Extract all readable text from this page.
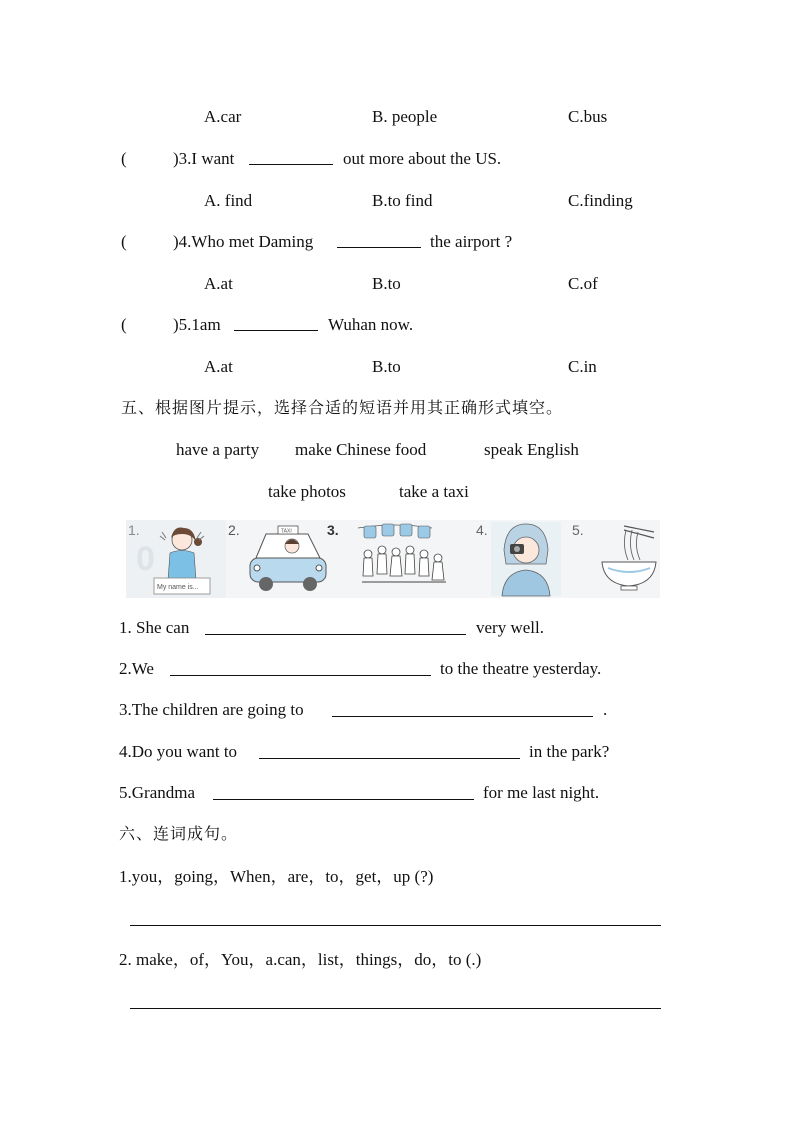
A.car	B. people	C.bus
(	)3.I want	out more about the US.
A. find	B.to find	C.finding
(	)4.Who met Daming	the airport ?
A.at	B.to	C.of
(	)5.1am	Wuhan now.
A.at	B.to	C.in
五、根据图片提示，选择合适的短语并用其正确形式填空。
have a party make Chinese food	speak English
take photos	take a taxi
1.
0
My name is...
2.	TAXI	3.	4.	5.
1. She can	very well.
2.We	to the theatre yesterday.
3.The children are going to	.
4.Do you want to	in the park?
5.Grandma	for me last night.
六、连词成句。
1.you，going，When，are，to，get，up (?)
2. make，of，You，a.can，list，things，do，to (.)
